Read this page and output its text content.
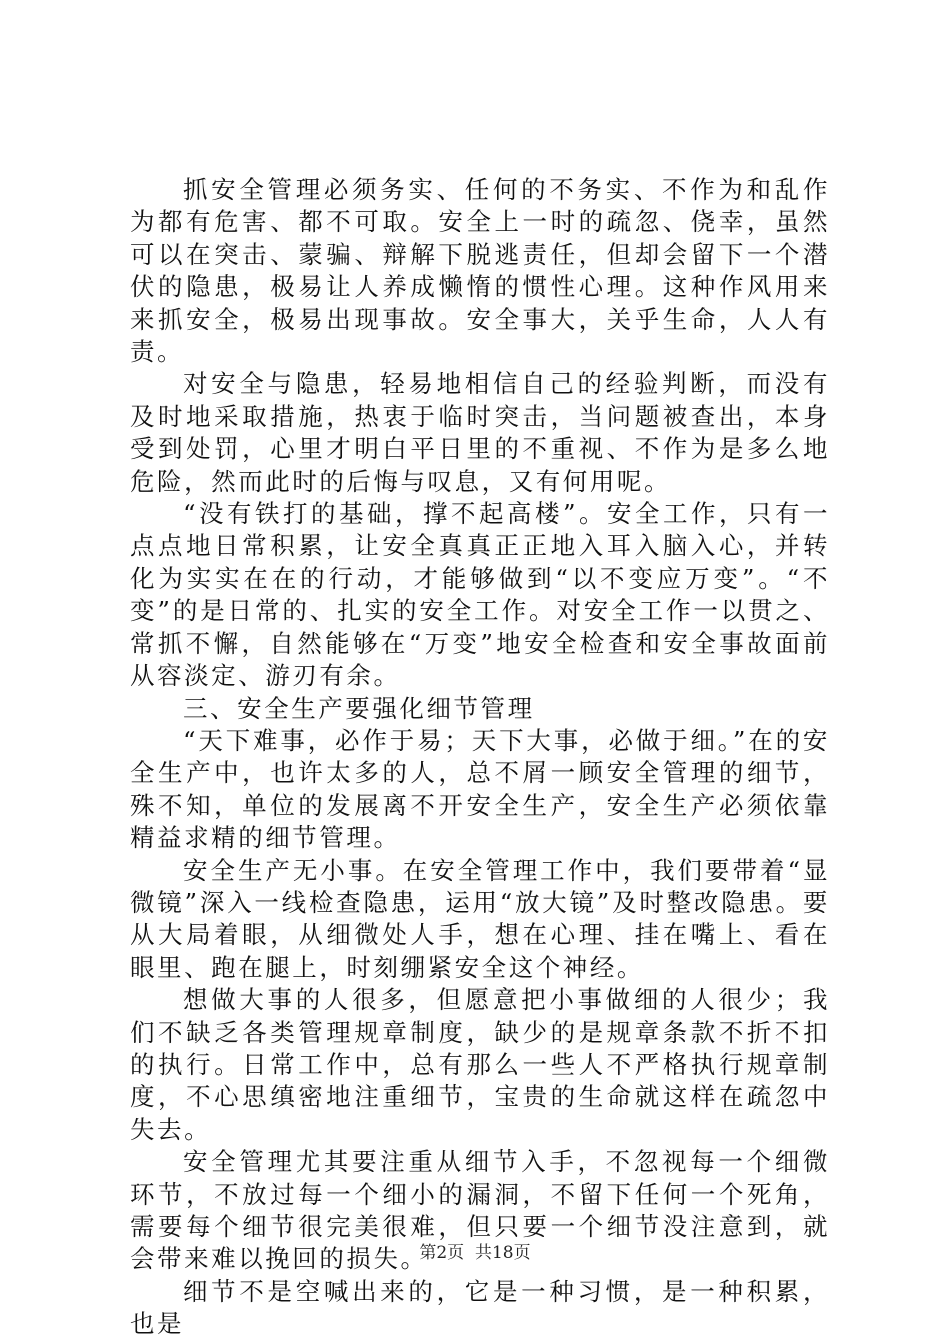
抓安全管理必须务实、任何的不务实、不作为和乱作为都有危害、都不可取。安全上一时的疏忽、侥幸，虽然可以在突击、蒙骗、辩解下脱逃责任，但却会留下一个潜伏的隐患，极易让人养成懒惰的惯性心理。这种作风用来来抓安全，极易出现事故。安全事大，关乎生命，人人有责。

对安全与隐患，轻易地相信自己的经验判断，而没有及时地采取措施，热衷于临时突击，当问题被查出，本身受到处罚，心里才明白平日里的不重视、不作为是多么地危险，然而此时的后悔与叹息，又有何用呢。

“没有铁打的基础，撑不起高楼”。安全工作，只有一点点地日常积累，让安全真真正正地入耳入脑入心，并转化为实实在在的行动，才能够做到“以不变应万变”。“不变”的是日常的、扎实的安全工作。对安全工作一以贯之、常抓不懈，自然能够在“万变”地安全检查和安全事故面前从容淡定、游刃有余。

三、安全生产要强化细节管理

“天下难事，必作于易；天下大事，必做于细。”在的安全生产中，也许太多的人，总不屑一顾安全管理的细节，殊不知，单位的发展离不开安全生产，安全生产必须依靠精益求精的细节管理。

安全生产无小事。在安全管理工作中，我们要带着“显微镜”深入一线检查隐患，运用“放大镜”及时整改隐患。要从大局着眼，从细微处人手，想在心理、挂在嘴上、看在眼里、跑在腿上，时刻绷紧安全这个神经。

想做大事的人很多，但愿意把小事做细的人很少；我们不缺乏各类管理规章制度，缺少的是规章条款不折不扣的执行。日常工作中，总有那么一些人不严格执行规章制度，不心思缜密地注重细节，宝贵的生命就这样在疏忽中失去。

安全管理尤其要注重从细节入手，不忽视每一个细微环节，不放过每一个细小的漏洞，不留下任何一个死角，需要每个细节很完美很难，但只要一个细节没注意到，就会带来难以挽回的损失。

细节不是空喊出来的，它是一种习惯，是一种积累，也是

第2页  共18页
